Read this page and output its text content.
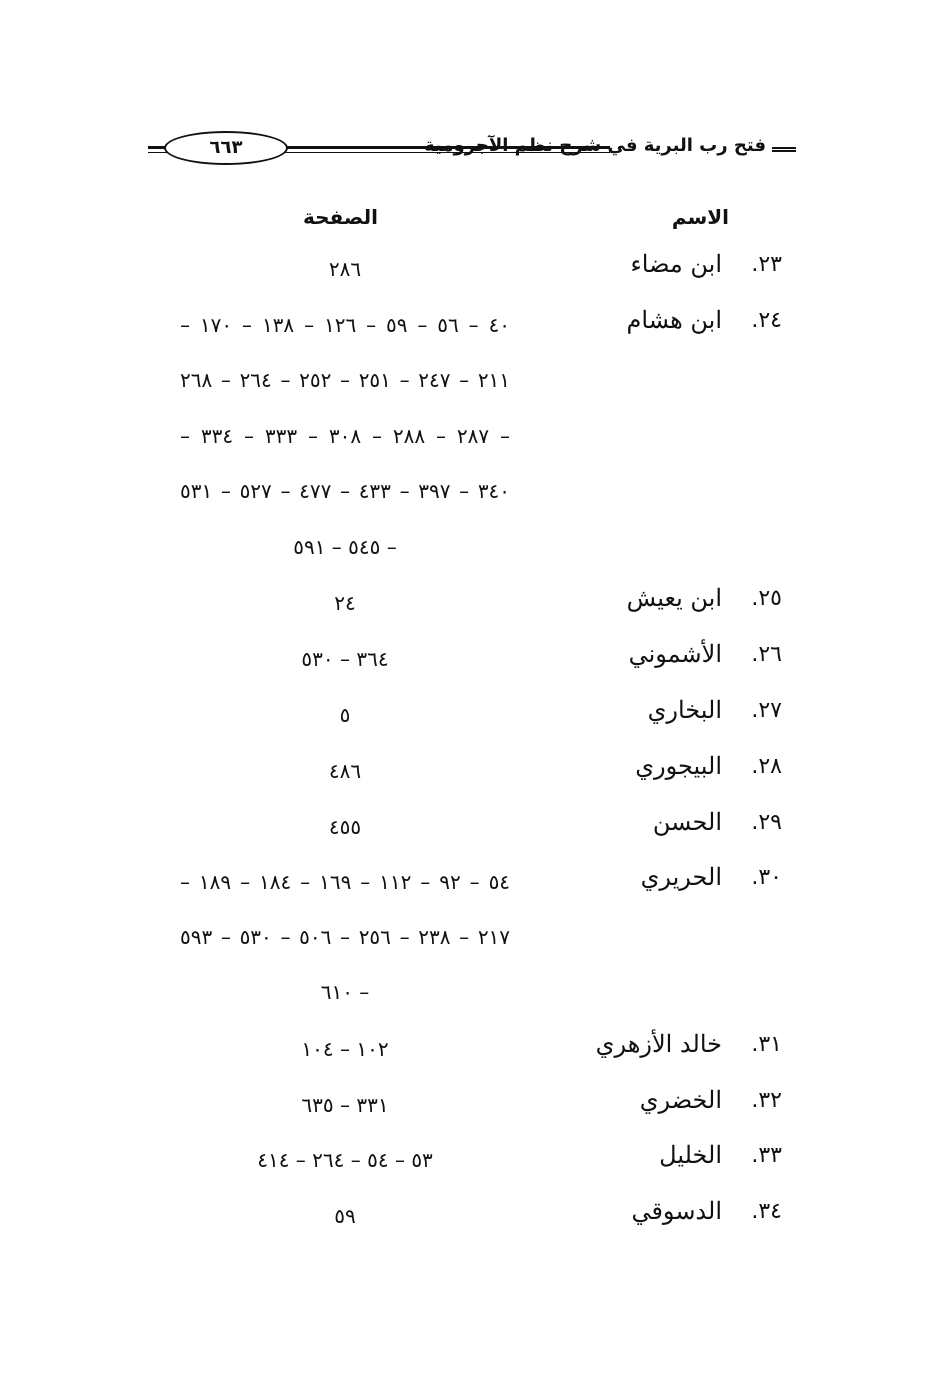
فتح رب البرية في شرح نظم الآجرومية
٦٦٣
الاسم
الصفحة
٢٣.
ابن مضاء
٢٨٦
٢٤.
ابن هشام
٤٠ – ٥٦ – ٥٩ – ١٢٦ – ١٣٨ – ١٧٠ –
٢١١ – ٢٤٧ – ٢٥١ – ٢٥٢ – ٢٦٤ – ٢٦٨
– ٢٨٧ – ٢٨٨ – ٣٠٨ – ٣٣٣ – ٣٣٤ –
٣٤٠ – ٣٩٧ – ٤٣٣ – ٤٧٧ – ٥٢٧ – ٥٣١
– ٥٤٥ – ٥٩١
٢٥.
ابن يعيش
٢٤
٢٦.
الأشموني
٣٦٤ – ٥٣٠
٢٧.
البخاري
٥
٢٨.
البيجوري
٤٨٦
٢٩.
الحسن
٤٥٥
٣٠.
الحريري
٥٤ – ٩٢ – ١١٢ – ١٦٩ – ١٨٤ – ١٨٩ –
٢١٧ – ٢٣٨ – ٢٥٦ – ٥٠٦ – ٥٣٠ – ٥٩٣
– ٦١٠
٣١.
خالد الأزهري
١٠٢ – ١٠٤
٣٢.
الخضري
٣٣١ – ٦٣٥
٣٣.
الخليل
٥٣ – ٥٤ – ٢٦٤ – ٤١٤
٣٤.
الدسوقي
٥٩
